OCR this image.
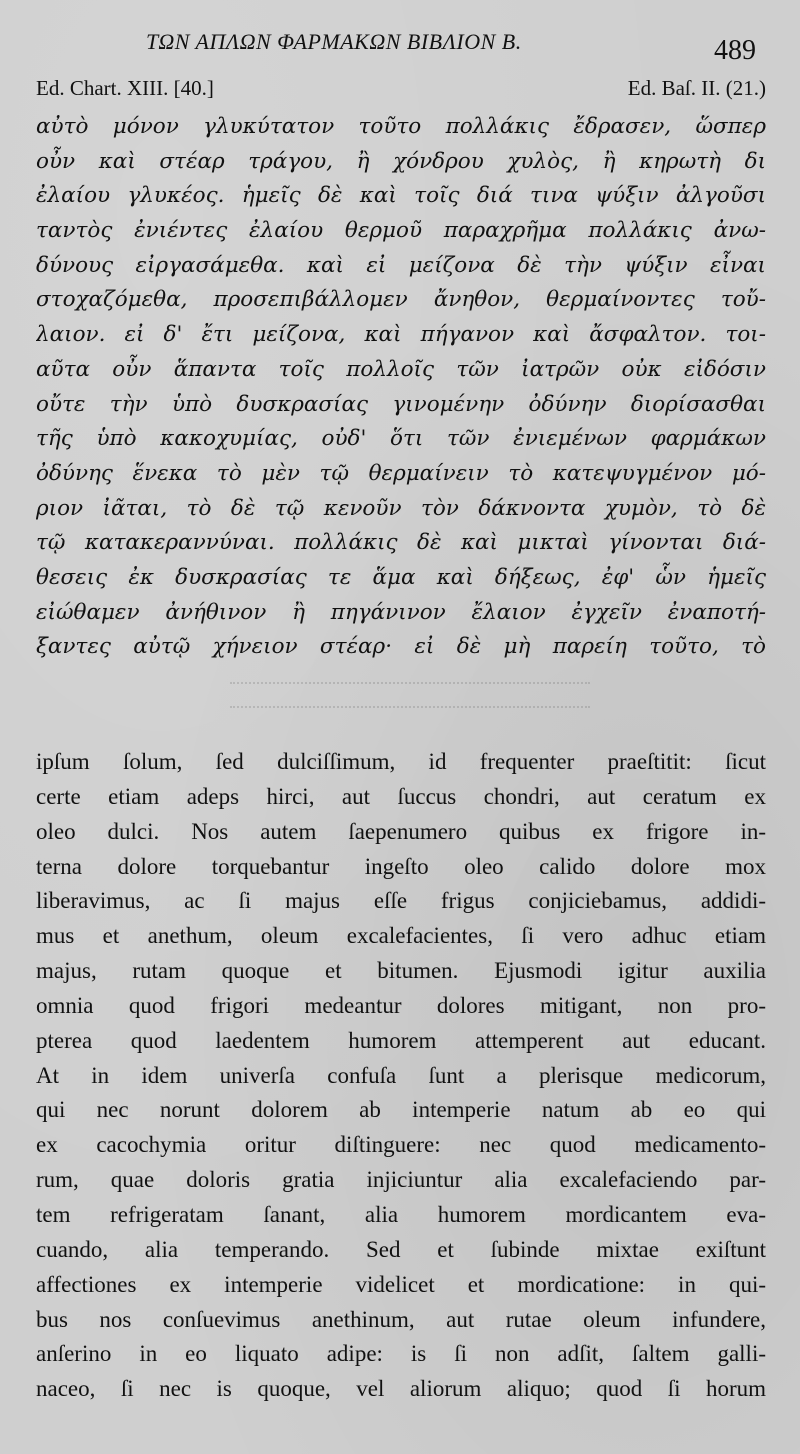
ΤΩΝ ΑΠΛΩΝ ΦΑΡΜΑΚΩΝ ΒΙΒΛΙΟΝ Β.	489
Ed. Chart. XIII. [40.]	Ed. Baſ. II. (21.)
αὐτὸ μόνον γλυκύτατον τοῦτο πολλάκις ἔδρασεν, ὥσπερ
οὖν καὶ στέαρ τράγου, ἢ χόνδρου χυλὸς, ἢ κηρωτὴ δι
ἐλαίου γλυκέος. ἡμεῖς δὲ καὶ τοῖς διά τινα ψύξιν ἀλγοῦσι
ταντὸς ἐνιέντες ἐλαίου θερμοῦ παραχρῆμα πολλάκις ἀνω-
δύνους εἰργασάμεθα. καὶ εἰ μείζονα δὲ τὴν ψύξιν εἶναι
στοχαζόμεθα, προσεπιβάλλομεν ἄνηθον, θερμαίνοντες τοὔ-
λαιον. εἰ δ' ἔτι μείζονα, καὶ πήγανον καὶ ἄσφαλτον. τοι-
αῦτα οὖν ἅπαντα τοῖς πολλοῖς τῶν ἰατρῶν οὐκ εἰδόσιν
οὔτε τὴν ὑπὸ δυσκρασίας γινομένην ὀδύνην διορίσασθαι
τῆς ὑπὸ κακοχυμίας, οὐδ' ὅτι τῶν ἐνιεμένων φαρμάκων
ὀδύνης ἕνεκα τὸ μὲν τῷ θερμαίνειν τὸ κατεψυγμένον μό-
ριον ἰᾶται, τὸ δὲ τῷ κενοῦν τὸν δάκνοντα χυμὸν, τὸ δὲ
τῷ κατακεραννύναι. πολλάκις δὲ καὶ μικταὶ γίνονται διά-
θεσεις ἐκ δυσκρασίας τε ἅμα καὶ δήξεως, ἐφ' ὧν ἡμεῖς
εἰώθαμεν ἀνήθινον ἢ πηγάνινον ἔλαιον ἐγχεῖν ἐναποτή-
ξαντες αὐτῷ χήνειον στέαρ· εἰ δὲ μὴ παρείη τοῦτο, τὸ
ipſum ſolum, ſed dulciſſimum, id frequenter praeſtitit: ſicut
certe etiam adeps hirci, aut ſuccus chondri, aut ceratum ex
oleo dulci. Nos autem ſaepenumero quibus ex frigore in-
terna dolore torquebantur ingeſto oleo calido dolore mox
liberavimus, ac ſi majus eſſe frigus conjiciebamus, addidi-
mus et anethum, oleum excalefacientes, ſi vero adhuc etiam
majus, rutam quoque et bitumen. Ejusmodi igitur auxilia
omnia quod frigori medeantur dolores mitigant, non pro-
pterea quod laedentem humorem attemperent aut educant.
At in idem univerſa confuſa ſunt a plerisque medicorum,
qui nec norunt dolorem ab intemperie natum ab eo qui
ex cacochymia oritur diſtinguere: nec quod medicamento-
rum, quae doloris gratia injiciuntur alia excalefaciendo par-
tem refrigeratam ſanant, alia humorem mordicantem eva-
cuando, alia temperando. Sed et ſubinde mixtae exiſtunt
affectiones ex intemperie videlicet et mordicatione: in qui-
bus nos conſuevimus anethinum, aut rutae oleum infundere,
anſerino in eo liquato adipe: is ſi non adſit, ſaltem galli-
naceo, ſi nec is quoque, vel aliorum aliquo; quod ſi horum
